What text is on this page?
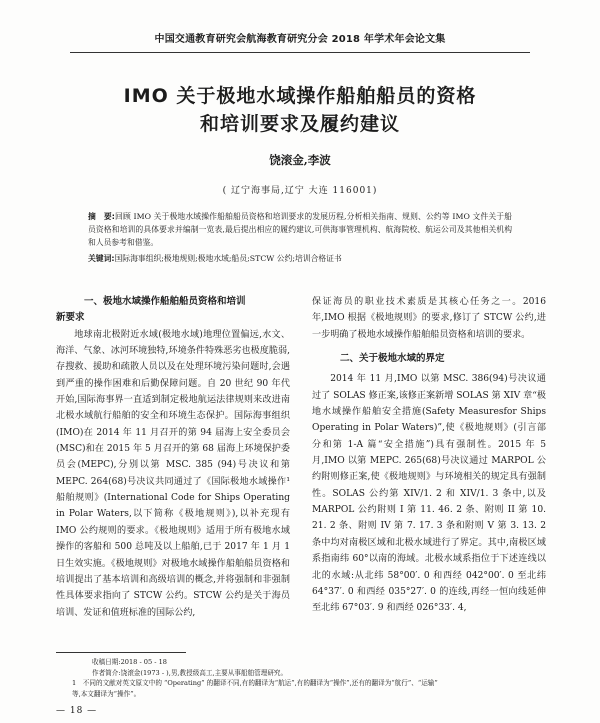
中国交通教育研究会航海教育研究分会 2018 年学术年会论文集
IMO 关于极地水域操作船舶船员的资格
和培训要求及履约建议
饶滚金,李波
( 辽宁海事局,辽宁 大连 116001)
摘　要:回顾 IMO 关于极地水域操作船舶船员资格和培训要求的发展历程,分析相关指南、规则、公约等 IMO 文件关于船员资格和培训的具体要求并编制一览表,最后提出相应的履约建议,可供海事管理机构、航海院校、航运公司及其他相关机构和人员参考和借鉴。
关键词:国际海事组织;极地规则;极地水域;船员;STCW 公约;培训合格证书
一、极地水域操作船舶船员资格和培训
新要求

地球南北极附近水域(极地水域)地理位置偏远,水文、海洋、气象、冰河环境独特,环境条件特殊恶劣也极度脆弱,存搜救、援助和疏散人员以及在处理环境污染问题时,会遇到严重的操作困难和后勤保障问题。自 20 世纪 90 年代开始,国际海事界一直适到制定极地航运法律规则来改进南北极水域航行船舶的安全和环境生态保护。国际海事组织(IMO)在 2014 年 11 月召开的第 94 届海上安全委员会(MSC)和在 2015 年 5 月召开的第 68 届海上环境保护委员会(MEPC),分别以第 MSC. 385 (94)号决议和第 MEPC. 264(68)号决议共同通过了《国际极地水域操作¹船舶规则》(International Code for Ships Operating in Polar Waters,以下简称《极地规则》),以补充现有 IMO 公约规则的要求。《极地规则》适用于所有极地水域操作的客船和 500 总吨及以上船舶,已于 2017 年 1 月 1 日生效实施。《极地规则》对极地水域操作船舶船员资格和培训提出了基本培训和高级培训的概念,并将强制和非强制性具体要求指向了 STCW 公约。STCW 公约是关于海员培训、发证和值班标准的国际公约,

保证海员的职业技术素质是其核心任务之一。2016 年,IMO 根据《极地规则》的要求,修订了 STCW 公约,进一步明确了极地水域操作船舶船员资格和培训的要求。

二、关于极地水域的界定

2014 年 11 月,IMO 以第 MSC. 386(94)号决议通过了 SOLAS 修正案,该修正案新增 SOLAS 第 XIV 章“极地水域操作船舶安全措施(Safety Measuresfor Ships Operating in Polar Waters)”,使《极地规则》(引言部分和第 1-A 篇“安全措施”)具有强制性。2015 年 5 月,IMO 以第 MEPC. 265(68)号决议通过 MARPOL 公约附则修正案,使《极地规则》与环境相关的规定具有强制性。SOLAS 公约第 XIV/1. 2 和 XIV/1. 3 条中,以及 MARPOL 公约附则 I 第 11. 46. 2 条、附则 II 第 10. 21. 2 条、附则 IV 第 7. 17. 3 条和附则 V 第 3. 13. 2 条中均对南极区域和北极水域进行了界定。其中,南极区域系指南纬 60°以南的海域。北极水域系指位于下述连线以北的水域:从北纬 58°00′. 0 和西经 042°00′. 0 至北纬 64°37′. 0 和西经 035°27′. 0 的连线,再经一恒向线延伸至北纬 67°03′. 9 和西经 026°33′. 4,

收稿日期:2018 - 05 - 18
作者简介:饶滚金(1973 - ),男,教授级高工,主要从事船舶管理研究。
1　不同的文献对英文原文中的 “Operating” 的翻译不同,有的翻译为“航运”,有的翻译为“操作”,还有的翻译为“航行”、“运输”
等,本文翻译为“操作”。
— 18 —
